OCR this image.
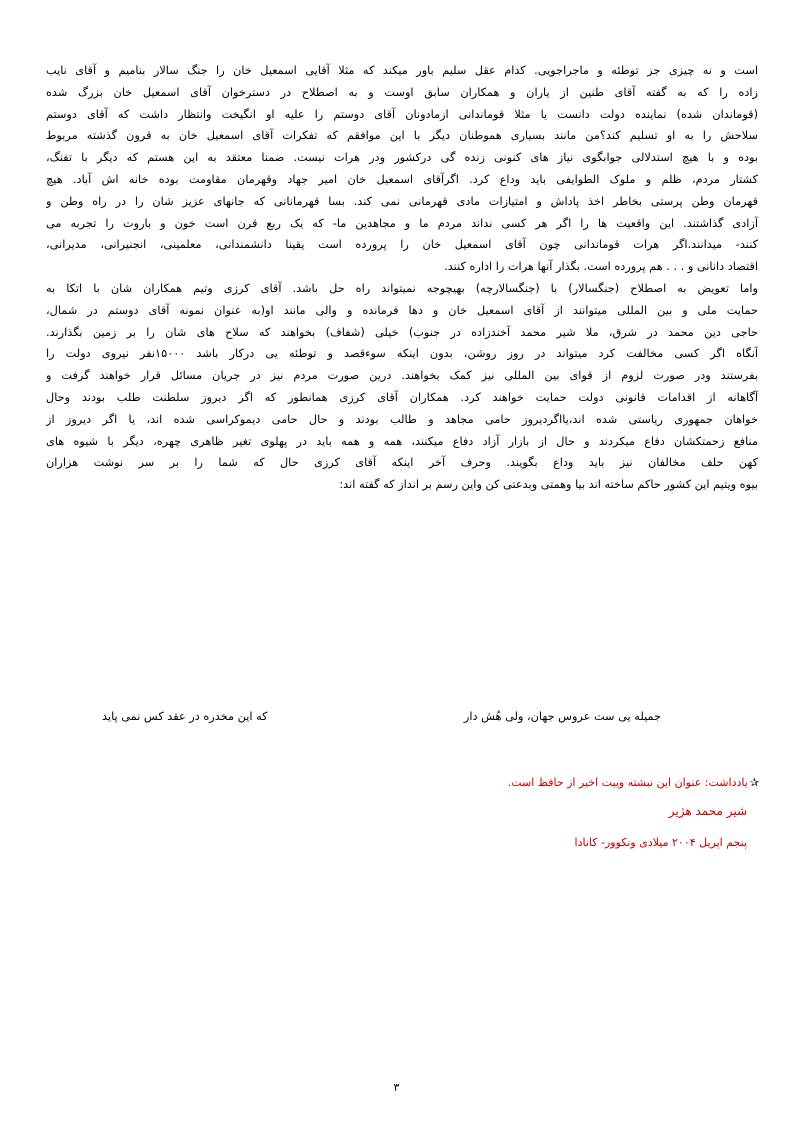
است و نه چیزی جز توطئه و ماجراجویی. کدام عقل سلیم باور میکند که مثلا آقایی اسمعیل خان را جنگ سالار بنامیم و آقای نایب
زاده را که به گفته آقای طنین از یاران و همکاران سابق اوست و به اصطلاح در دسترخوان آقای اسمعیل خان بزرگ شده
(قوماندان شده) نماینده دولت دانست یا مثلا قوماندانی ازمادونان آقای دوستم را علیه او انگیخت وانتظار داشت که آقای دوستم
سلاحش را به او تسلیم کند؟من مانند بسیاری هموطنان دیگر با این موافقم که تفکرات آقای اسمعیل خان به قرون گذشته مربوط
بوده و با هیچ استدلالی جوابگوی نیاز های کنونی زنده گی درکشور ودر هرات نیست. ضمنا معتقد به این هستم که دیگر با تفنگ،
کشتار مردم، ظلم و ملوک الطوایفی باید وداع کرد. اگرآقای اسمعیل خان امیر جهاد وقهرمان مقاومت بوده خانه اش آباد. هیچ
قهرمان وطن پرستی بخاطر اخذ پاداش و امتیازات مادی قهرمانی نمی کند. بسا قهرمانانی که جانهای عزیز شان را در راه وطن و
آزادی گذاشتند. این واقعیت ها را اگر هر کسی نداند مردم ما و مجاهدین ما- که یک ربع قرن است خون و باروت را تجربه می
کنند- میدانند.اگر هرات قوماندانی چون آقای اسمعیل خان را پرورده است یقینا دانشمندانی، معلمینی، انجنیرانی، مدیرانی،
اقتصاد دانانی و . . . هم پرورده است. بگذار آنها هرات را اداره کنند.
واما تعویض به اصطلاح (جنگسالار) با (جنگسالارچه) بهیچوجه نمیتواند راه حل باشد. آقای کرزی وتیم همکاران شان با اتکا به
حمایت ملی و بین المللی میتوانند از آقای اسمعیل خان و دها فرمانده و والی مانند او(به عنوان نمونه آقای دوستم در شمال،
حاجی دین محمد در شرق، ملا شیر محمد آخندزاده در جنوب) خیلی (شفاف) بخواهند که سلاح های شان را بر زمین بگذارند.
آنگاه اگر کسی مخالفت کرد میتواند در روز روشن، بدون اینکه سوءقصد و توطئه یی درکار باشد ۱۵۰۰۰نفر نیروی دولت را
بفرستند ودر صورت لزوم از قوای بین المللی نیز کمک بخواهند. درین صورت مردم نیز در جریان مسائل قرار خواهند گرفت و
آگاهانه از اقدامات قانونی دولت حمایت خواهند کرد. همکاران آقای کرزی همانطور که اگر دیروز سلطنت طلب بودند وحال
خواهان جمهوری ریاستی شده اند،یااگردیروز حامی مجاهد و طالب بودند و حال حامی دیموکراسی شده اند، یا اگر دیروز از
منافع زحمتکشان دفاع میکردند و حال از بازار آزاد دفاع میکنند، همه و همه باید در پهلوی تغیر ظاهری چهره، دیگر با شیوه های
کهن حلف مخالفان نیز باید وداع بگویند. وحرف آخر اینکه آقای کرزی حال که شما را بر سر نوشت هزاران
بیوه ویتیم این کشور حاکم ساخته اند بیا وهمتی وبدعتی کن واین رسم بر انداز که گفته اند:
جمیله یی ست عروس جهان، ولی هُش دار
که این مخدره در عقد کس نمی پاید
✰یادداشت: عنوان این نبشته وبیت اخیر از حافظ است.
شیر محمد هژیر
پنجم اپریل ۲۰۰۴ میلادی ونکوور- کانادا
۳
